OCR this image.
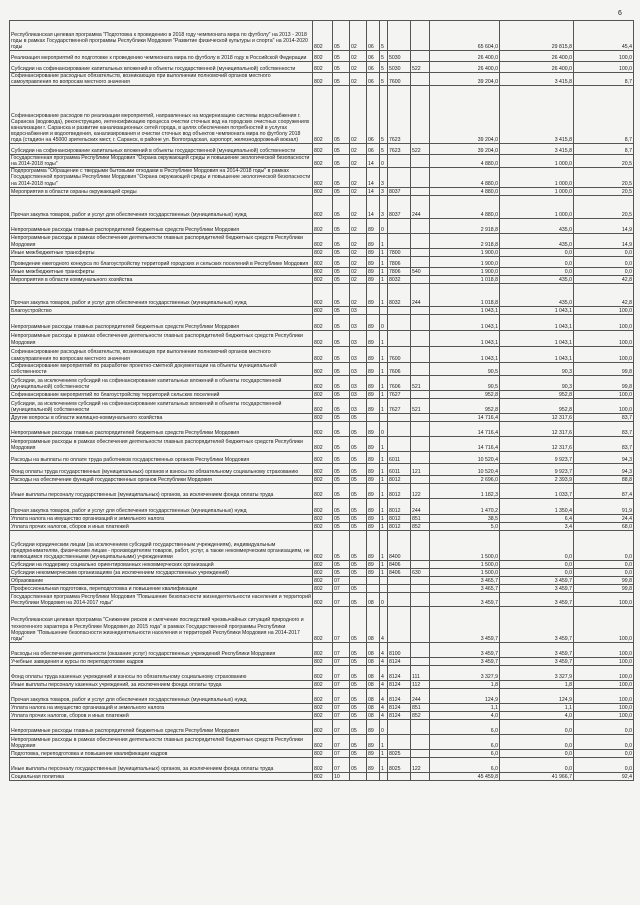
6
Республиканская целевая программа "Подготовка к проведению в 2018 году чемпионата мира по футболу" на 2013 - 2018 годы в рамках Государственной программы Республики Мордовия "Развитие физической культуры и спорта" на 2014-2020 годы	802	05	02	06	5			65 604,0	29 815,8	45,4
Реализация мероприятий по подготовке к проведению чемпионата мира по футболу в 2018 году в Российской Федерации	802	05	02	06	5	5030		26 400,0	26 400,0	100,0
Субсидии на софинансирование капитальных вложений в объекты государственной (муниципальной) собственности	802	05	02	06	5	5030	522	26 400,0	26 400,0	100,0
Софинансирование расходных обязательств, возникающих при выполнении полномочий органов местного самоуправления по вопросам местного значения	802	05	02	06	5	7600		39 204,0	3 415,8	8,7
Софинансирование расходов по реализации мероприятий, направленных на модернизацию системы водоснабжения г. Саранска (водовода), реконструкцию, интенсификацию процесса очистки сточных вод на городских очистных сооружениях канализации г. Саранска и развитие канализационных сетей города, в целях обеспечения потребностей в услугах водоснабжения и водоотведения, канализирования и очистки сточных вод объектов чемпионата мира по футболу 2018 года (стадион на 45000 зрительских мест, г. Саранск, в районе ул. Волгоградская, аэропорт, железнодорожный вокзал)	802	05	02	06	5	7623		39 204,0	3 415,8	8,7
Субсидии на софинансирование капитальных вложений в объекты государственной (муниципальной) собственности	802	05	02	06	5	7623	522	39 204,0	3 415,8	8,7
Государственная программа Республики Мордовия "Охрана окружающей среды и повышение экологической безопасности на 2014-2018 годы"	802	05	02	14	0			4 880,0	1 000,0	20,5
Подпрограмма "Обращение с твердыми бытовыми отходами в Республике Мордовия на 2014-2018 годы" в рамках Государственной программы Республики Мордовия "Охрана окружающей среды и повышение экологической безопасности на 2014-2018 годы"	802	05	02	14	3			4 880,0	1 000,0	20,5
Мероприятия в области охраны окружающей среды	802	05	02	14	3	8037		4 880,0	1 000,0	20,5
Прочая закупка товаров, работ и услуг для обеспечения государственных (муниципальных) нужд	802	05	02	14	3	8037	244	4 880,0	1 000,0	20,5
Непрограммные расходы главных распорядителей бюджетных средств Республики Мордовия	802	05	02	89	0			2 918,8	435,0	14,9
Непрограммные расходы в рамках обеспечения деятельности главных распорядителей бюджетных средств Республики Мордовия	802	05	02	89	1			2 918,8	435,0	14,9
Иные межбюджетные трансферты	802	05	02	89	1	7800		1 900,0	0,0	0,0
Проведение ежегодного конкурса по благоустройству территорий городских и сельских поселений в Республике Мордовия	802	05	02	89	1	7806		1 900,0	0,0	0,0
Иные межбюджетные трансферты	802	05	02	89	1	7806	540	1 900,0	0,0	0,0
Мероприятия в области коммунального хозяйства	802	05	02	89	1	8032		1 018,8	435,0	42,8
Прочая закупка товаров, работ и услуг для обеспечения государственных (муниципальных) нужд	802	05	02	89	1	8032	244	1 018,8	435,0	42,8
Благоустройство	802	05	03					1 043,1	1 043,1	100,0
Непрограммные расходы главных распорядителей бюджетных средств Республики Мордовия	802	05	03	89	0			1 043,1	1 043,1	100,0
Непрограммные расходы в рамках обеспечения деятельности главных распорядителей бюджетных средств Республики Мордовия	802	05	03	89	1			1 043,1	1 043,1	100,0
Софинансирование расходных обязательств, возникающих при выполнении полномочий органов местного самоуправления по вопросам местного значения	802	05	03	89	1	7600		1 043,1	1 043,1	100,0
Софинансирование мероприятий по разработке проектно-сметной документации на объекты муниципальной собственности	802	05	03	89	1	7606		90,5	90,3	99,8
Субсидии, за исключением субсидий на софинансирование капитальных вложений в объекты государственной (муниципальной) собственности	802	05	03	89	1	7606	521	90,5	90,3	99,8
Софинансирование мероприятий по благоустройству территорий сельских поселений	802	05	03	89	1	7627		952,8	952,8	100,0
Субсидии, за исключением субсидий на софинансирование капитальных вложений в объекты государственной (муниципальной) собственности	802	05	03	89	1	7627	521	952,8	952,8	100,0
Другие вопросы в области жилищно-коммунального хозяйства	802	05	05					14 716,4	12 317,6	83,7
Непрограммные расходы главных распорядителей бюджетных средств Республики Мордовия	802	05	05	89	0			14 716,4	12 317,6	83,7
Непрограммные расходы в рамках обеспечения деятельности главных распорядителей бюджетных средств Республики Мордовия	802	05	05	89	1			14 716,4	12 317,6	83,7
Расходы на выплаты по оплате труда работников государственных органов Республики Мордовия	802	05	05	89	1	6011		10 520,4	9 923,7	94,3
Фонд оплаты труда государственных (муниципальных) органов и взносы по обязательному социальному страхованию	802	05	05	89	1	6011	121	10 520,4	9 923,7	94,3
Расходы на обеспечение функций государственных органов Республики Мордовия	802	05	05	89	1	8012		2 696,0	2 393,9	88,8
Иные выплаты персоналу государственных (муниципальных) органов, за исключением фонда оплаты труда	802	05	05	89	1	8012	122	1 182,3	1 033,7	87,4
Прочая закупка товаров, работ и услуг для обеспечения государственных (муниципальных) нужд	802	05	05	89	1	8012	244	1 470,2	1 350,4	91,9
Уплата налога на имущество организаций и земельного налога	802	05	05	89	1	8012	851	38,5	6,4	24,4
Уплата прочих налогов, сборов и иных платежей	802	05	05	89	1	8012	852	5,0	3,4	68,0
Субсидии юридическим лицам (за исключением субсидий государственным учреждениям), индивидуальным предпринимателям, физическим лицам - производителям товаров, работ, услуг, а также некоммерческим организациям, не являющимся государственными (муниципальными) учреждениями	802	05	05	89	1	8400		1 500,0	0,0	0,0
Субсидии на поддержку социально ориентированных некоммерческих организаций	802	05	05	89	1	8406		1 500,0	0,0	0,0
Субсидии некоммерческим организациям (за исключением государственных учреждений)	802	05	05	89	1	8406	630	1 500,0	0,0	0,0
Образование	802	07						3 465,7	3 459,7	99,8
Профессиональная подготовка, переподготовка и повышение квалификации	802	07	05					3 465,7	3 459,7	99,8
Государственная программа Республики Мордовия "Повышение безопасности жизнедеятельности населения и территорий Республики Мордовия на 2014-2017 годы"	802	07	05	08	0			3 459,7	3 459,7	100,0
Республиканская целевая программа "Снижение рисков и смягчение последствий чрезвычайных ситуаций природного и техногенного характера в Республике Мордовия до 2015 года" в рамках Государственной программы Республики Мордовия "Повышение безопасности жизнедеятельности населения и территорий Республики Мордовия на 2014-2017 годы"	802	07	05	08	4			3 459,7	3 459,7	100,0
Расходы на обеспечение деятельности (оказание услуг) государственных учреждений Республики Мордовия	802	07	05	08	4	8100		3 459,7	3 459,7	100,0
Учебные заведения и курсы по переподготовке кадров	802	07	05	08	4	8124		3 459,7	3 459,7	100,0
Фонд оплаты труда казенных учреждений и взносы по обязательному социальному страхованию	802	07	05	08	4	8124	111	3 327,9	3 327,9	100,0
Иные выплаты персоналу казенных учреждений, за исключением фонда оплаты труда	802	07	05	08	4	8124	112	1,8	1,8	100,0
Прочая закупка товаров, работ и услуг для обеспечения государственных (муниципальных) нужд	802	07	05	08	4	8124	244	124,9	124,9	100,0
Уплата налога на имущество организаций и земельного налога	802	07	05	08	4	8124	851	1,1	1,1	100,0
Уплата прочих налогов, сборов и иных платежей	802	07	05	08	4	8124	852	4,0	4,0	100,0
Непрограммные расходы главных распорядителей бюджетных средств Республики Мордовия	802	07	05	89	0			6,0	0,0	0,0
Непрограммные расходы в рамках обеспечения деятельности главных распорядителей бюджетных средств Республики Мордовия	802	07	05	89	1			6,0	0,0	0,0
Подготовка, переподготовка и повышение квалификации кадров	802	07	05	89	1	8025		6,0	0,0	0,0
Иные выплаты персоналу государственных (муниципальных) органов, за исключением фонда оплаты труда	802	07	05	89	1	8025	122	6,0	0,0	0,0
Социальная политика	802	10						45 459,8	41 966,7	92,4
